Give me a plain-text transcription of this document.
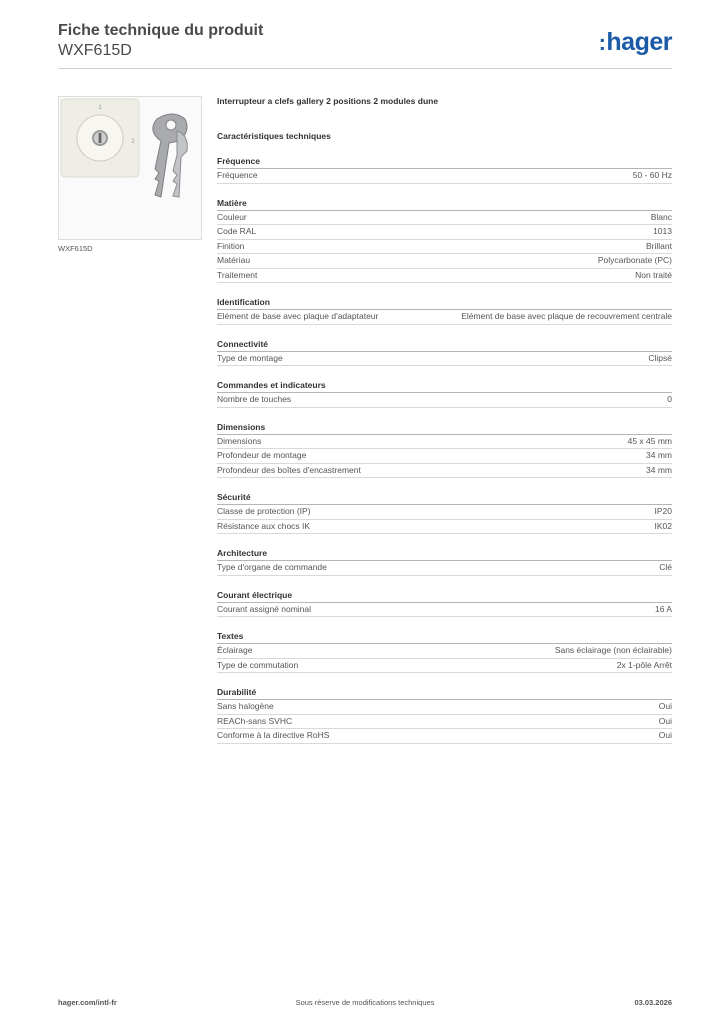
Fiche technique du produit
WXF615D	:hager
1
2
WXF615D
Interrupteur a clefs gallery 2 positions 2 modules dune
Caractéristiques techniques
Fréquence
Fréquence	50 - 60 Hz
Matière
Couleur	Blanc
Code RAL	1013
Finition	Brillant
Matériau	Polycarbonate (PC)
Traitement	Non traité
Identification
Elément de base avec plaque d'adaptateur	Elément de base avec plaque de recouvrement centrale
Connectivité
Type de montage	Clipsé
Commandes et indicateurs
Nombre de touches	0
Dimensions
Dimensions	45 x 45 mm
Profondeur de montage	34 mm
Profondeur des boîtes d'encastrement	34 mm
Sécurité
Classe de protection (IP)	IP20
Résistance aux chocs IK	IK02
Architecture
Type d'organe de commande	Clé
Courant électrique
Courant assigné nominal	16 A
Textes
Éclairage	Sans éclairage (non éclairable)
Type de commutation	2x 1-pôle Arrêt
Durabilité
Sans halogène	Oui
REACh-sans SVHC	Oui
Conforme à la directive RoHS	Oui
hager.com/intl-fr	Sous réserve de modifications techniques	03.03.2026
